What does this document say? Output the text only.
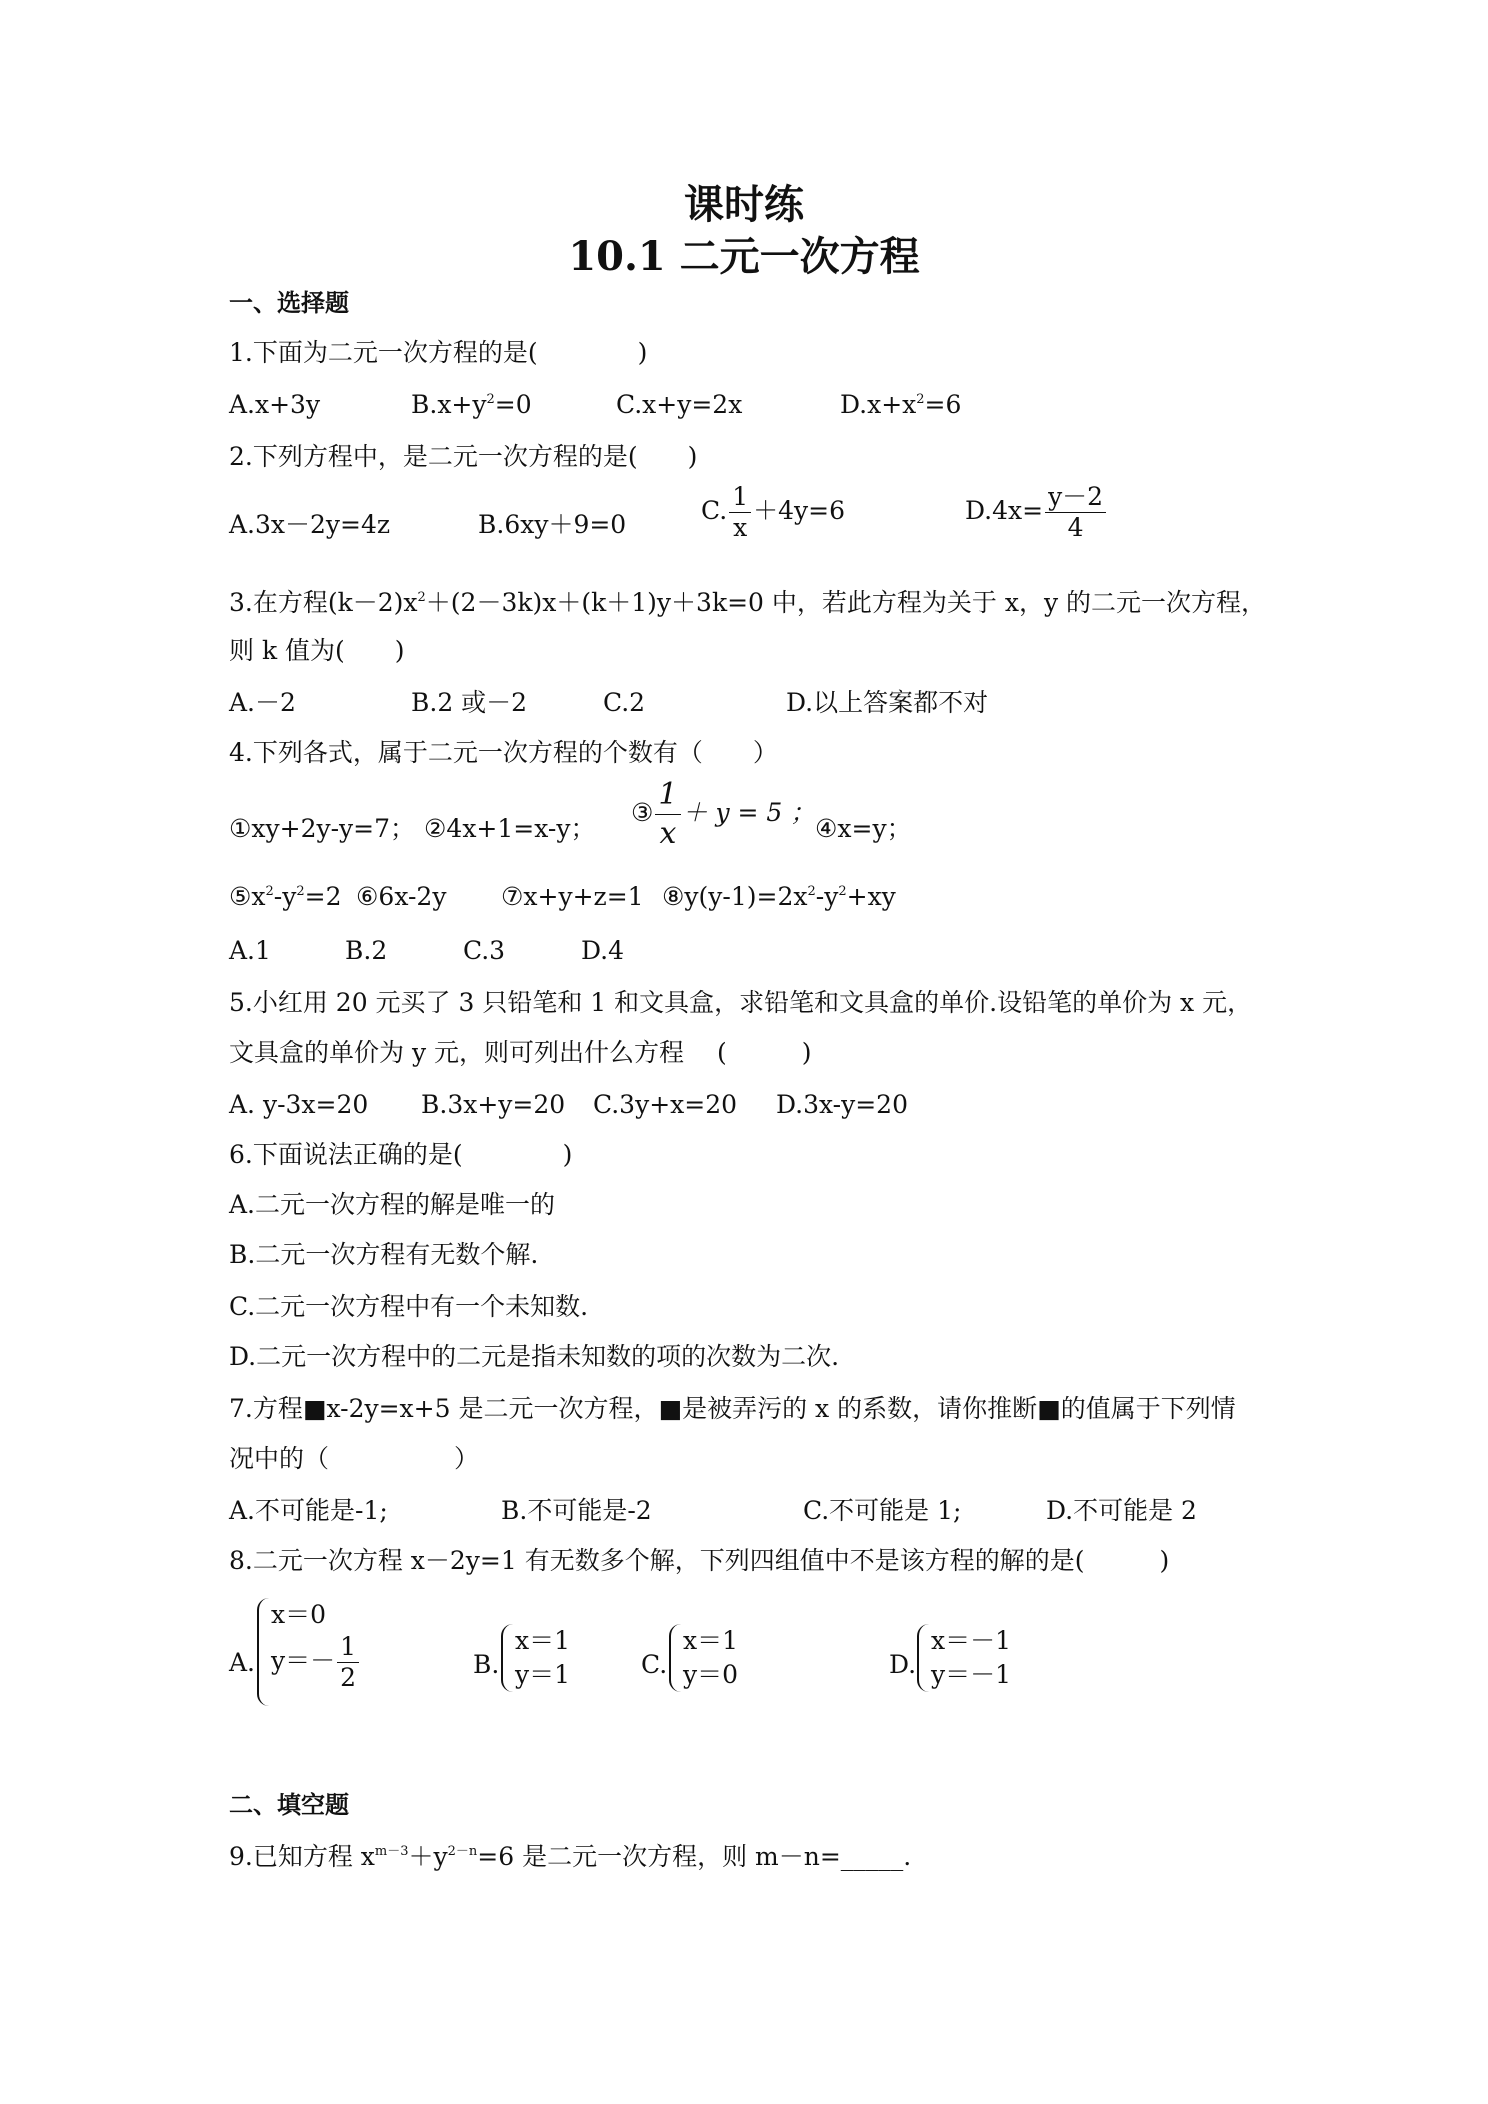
课时练
10.1 二元一次方程
一、选择题
1.下面为二元一次方程的是(　　　　)
A.x+3y	$B.x+y^2=0$	C.x+y=2x	$D.x+x^2=6$
2.下列方程中，是二元一次方程的是(　　)
A.3x－2y=4z	B.6xy＋9=0	C. $\frac{1}{x} +4y=6$	$D.4x= \frac{y-2}{4}$
3.在方程$(k-2)x^2+(2-3k)x+(k+1)y+3k=0$ 中，若此方程为关于 x，y 的二元一次方程，
则 k 值为(　　)
A.－2	B.2 或－2	C.2	D.以上答案都不对
4.下列各式，属于二元一次方程的个数有（　　）
①xy+2y-y=7； ②4x+1=x-y；
③ $\frac{1}{x} + y = 5$ ；
④x=y；
$⑤x^2-y^2=2$ ⑥6x-2y ⑦x+y+z=1 $⑧y(y-1)=2x^2-y^2+xy$
A.1	B.2	C.3	D.4
5.小红用 20 元买了 3 只铅笔和 1 和文具盒，求铅笔和文具盒的单价.设铅笔的单价为 x 元，
文具盒的单价为 y 元，则可列出什么方程　 (　　　)
A. y-3x=20 B.3x+y=20 C.3y+x=20 D.3x-y=20
6.下面说法正确的是(　　　　)
A.二元一次方程的解是唯一的
B.二元一次方程有无数个解.
C.二元一次方程中有一个未知数.
D.二元一次方程中的二元是指未知数的项的次数为二次.
7.方程■x-2y=x+5 是二元一次方程，■是被弄污的 x 的系数，请你推断■的值属于下列情
况中的（　　　　　）
A.不可能是-1;	B.不可能是-2	C.不可能是 1;	D.不可能是 2
8.二元一次方程 x－2y=1 有无数多个解，下列四组值中不是该方程的解的是(　　　)
A.
x＝0
$y=- \frac{1}{2}$	B.
x＝1
y＝1	C.
x＝1
y＝0	D.
x＝－1
y＝－1
二、填空题
9.已知方程 $x^{m-3}+y^{2-n}=6$ 是二元一次方程，则 m－n=_____.
